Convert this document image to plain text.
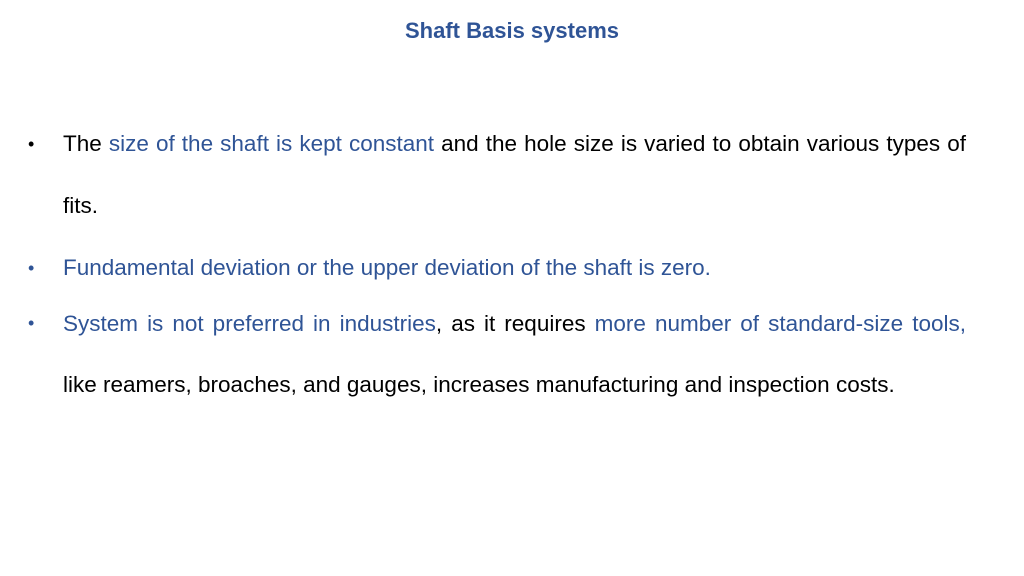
Shaft Basis systems
•	The size of the shaft is kept constant and the hole size is varied to obtain various types of fits.
•	Fundamental deviation or the upper deviation of the shaft is zero.
•	System is not preferred in industries, as it requires more number of standard-size tools, like reamers, broaches, and gauges, increases manufacturing and inspection costs.
